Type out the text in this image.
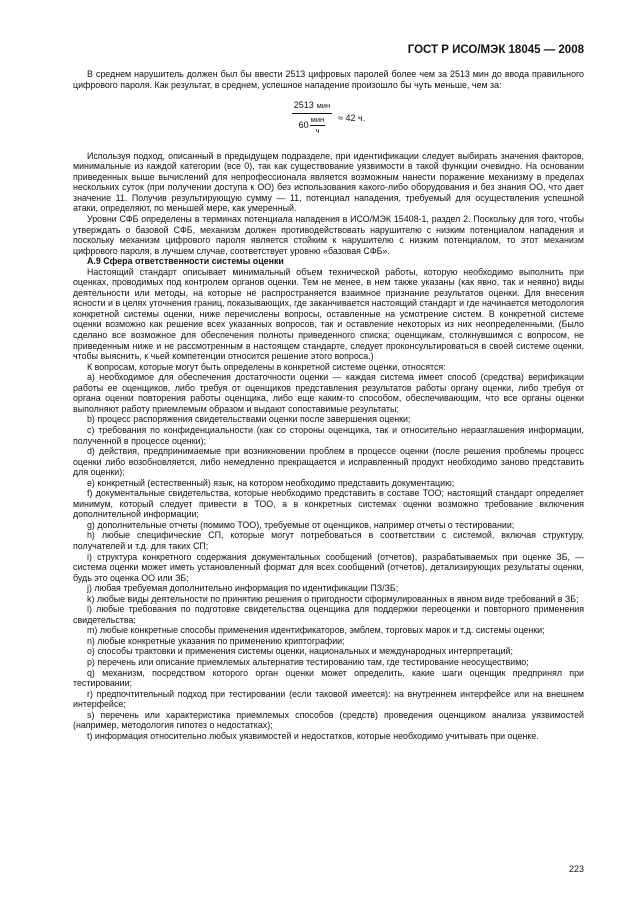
ГОСТ Р ИСО/МЭК 18045 — 2008

В среднем нарушитель должен был бы ввести 2513 цифровых паролей более чем за 2513 мин до ввода правильного цифрового пароля. Как результат, в среднем, успешное нападение произошло бы чуть меньше, чем за:

$\frac{\text{2513  мин}}{60 \frac{\text{мин}}{ч}} \approx 42$ ч.

Используя подход, описанный в предыдущем подразделе, при идентификации следует выбирать значения факторов, минимальные из каждой категории (все 0), так как существование уязвимости в такой функции очевидно. На основании приведенных выше вычислений для непрофессионала является возможным нанести поражение механизму в пределах нескольких суток (при получении доступа к ОО) без использования какого-либо оборудования и без знания ОО, что дает значение 11. Получив результирующую сумму — 11, потенциал нападения, требуемый для осуществления успешной атаки, определяют, по меньшей мере, как умеренный.

Уровни СФБ определены в терминах потенциала нападения в ИСО/МЭК 15408-1, раздел 2. Поскольку для того, чтобы утверждать о базовой СФБ, механизм должен противодействовать нарушителю с низким потенциалом нападения и поскольку механизм цифрового пароля является стойким к нарушителю с низким потенциалом, то этот механизм цифрового пароля, в лучшем случае, соответствует уровню «базовая СФБ».

А.9 Сфера ответственности системы оценки

Настоящий стандарт описывает минимальный объем технической работы, которую необходимо выполнить при оценках, проводимых под контролем органов оценки. Тем не менее, в нем также указаны (как явно, так и неявно) виды деятельности или методы, на которые не распространяется взаимное признание результатов оценки. Для внесения ясности и в целях уточнения границ, показывающих, где заканчивается настоящий стандарт и где начинается методология конкретной системы оценки, ниже перечислены вопросы, оставленные на усмотрение систем. В конкретной системе оценки возможно как решение всех указанных вопросов, так и оставление некоторых из них неопределенными. (Было сделано все возможное для обеспечения полноты приведенного списка; оценщикам, столкнувшимся с вопросом, не приведенным ниже и не рассмотренным в настоящем стандарте, следует проконсультироваться в своей системе оценки, чтобы выяснить, к чьей компетенции относится решение этого вопроса.)

К вопросам, которые могут быть определены в конкретной системе оценки, относятся:

а) необходимое для обеспечения достаточности оценки — каждая система имеет способ (средства) верификации работы ее оценщиков, либо требуя от оценщиков представления результатов работы органу оценки, либо требуя от органа оценки повторения работы оценщика, либо еще каким-то способом, обеспечивающим, что все органы оценки выполняют работу приемлемым образом и выдают сопоставимые результаты;

b) процесс распоряжения свидетельствами оценки после завершения оценки;

c) требования по конфиденциальности (как со стороны оценщика, так и относительно неразглашения информации, полученной в процессе оценки);

d) действия, предпринимаемые при возникновении проблем в процессе оценки (после решения проблемы процесс оценки либо возобновляется, либо немедленно прекращается и исправленный продукт необходимо заново представить для оценки);

e) конкретный (естественный) язык, на котором необходимо представить документацию;

f) документальные свидетельства, которые необходимо представить в составе ТОО; настоящий стандарт определяет минимум, который следует привести в ТОО, а в конкретных системах оценки возможно требование включения дополнительной информации;

g) дополнительные отчеты (помимо ТОО), требуемые от оценщиков, например отчеты о тестировании;

h) любые специфические СП, которые могут потребоваться в соответствии с системой, включая структуру, получателей и т.д. для таких СП;

i) структура конкретного содержания документальных сообщений (отчетов), разрабатываемых при оценке ЗБ, — система оценки может иметь установленный формат для всех сообщений (отчетов), детализирующих результаты оценки, будь это оценка ОО или ЗБ;

j) любая требуемая дополнительно информация по идентификации ПЗ/ЗБ;

k) любые виды деятельности по принятию решения о пригодности сформулированных в явном виде требований в ЗБ;

l) любые требования по подготовке свидетельства оценщика для поддержки переоценки и повторного применения свидетельства;

m) любые конкретные способы применения идентификаторов, эмблем, торговых марок и т.д. системы оценки;

n) любые конкретные указания по применению криптографии;

o) способы трактовки и применения системы оценки, национальных и международных интерпретаций;

p) перечень или описание приемлемых альтернатив тестированию там, где тестирование неосуществимо;

q) механизм, посредством которого орган оценки может определить, какие шаги оценщик предпринял при тестировании;

r) предпочтительный подход при тестировании (если таковой имеется): на внутреннем интерфейсе или на внешнем интерфейсе;

s) перечень или характеристика приемлемых способов (средств) проведения оценщиком анализа уязвимостей (например, методология гипотез о недостатках);

t) информация относительно любых уязвимостей и недостатков, которые необходимо учитывать при оценке.

223
